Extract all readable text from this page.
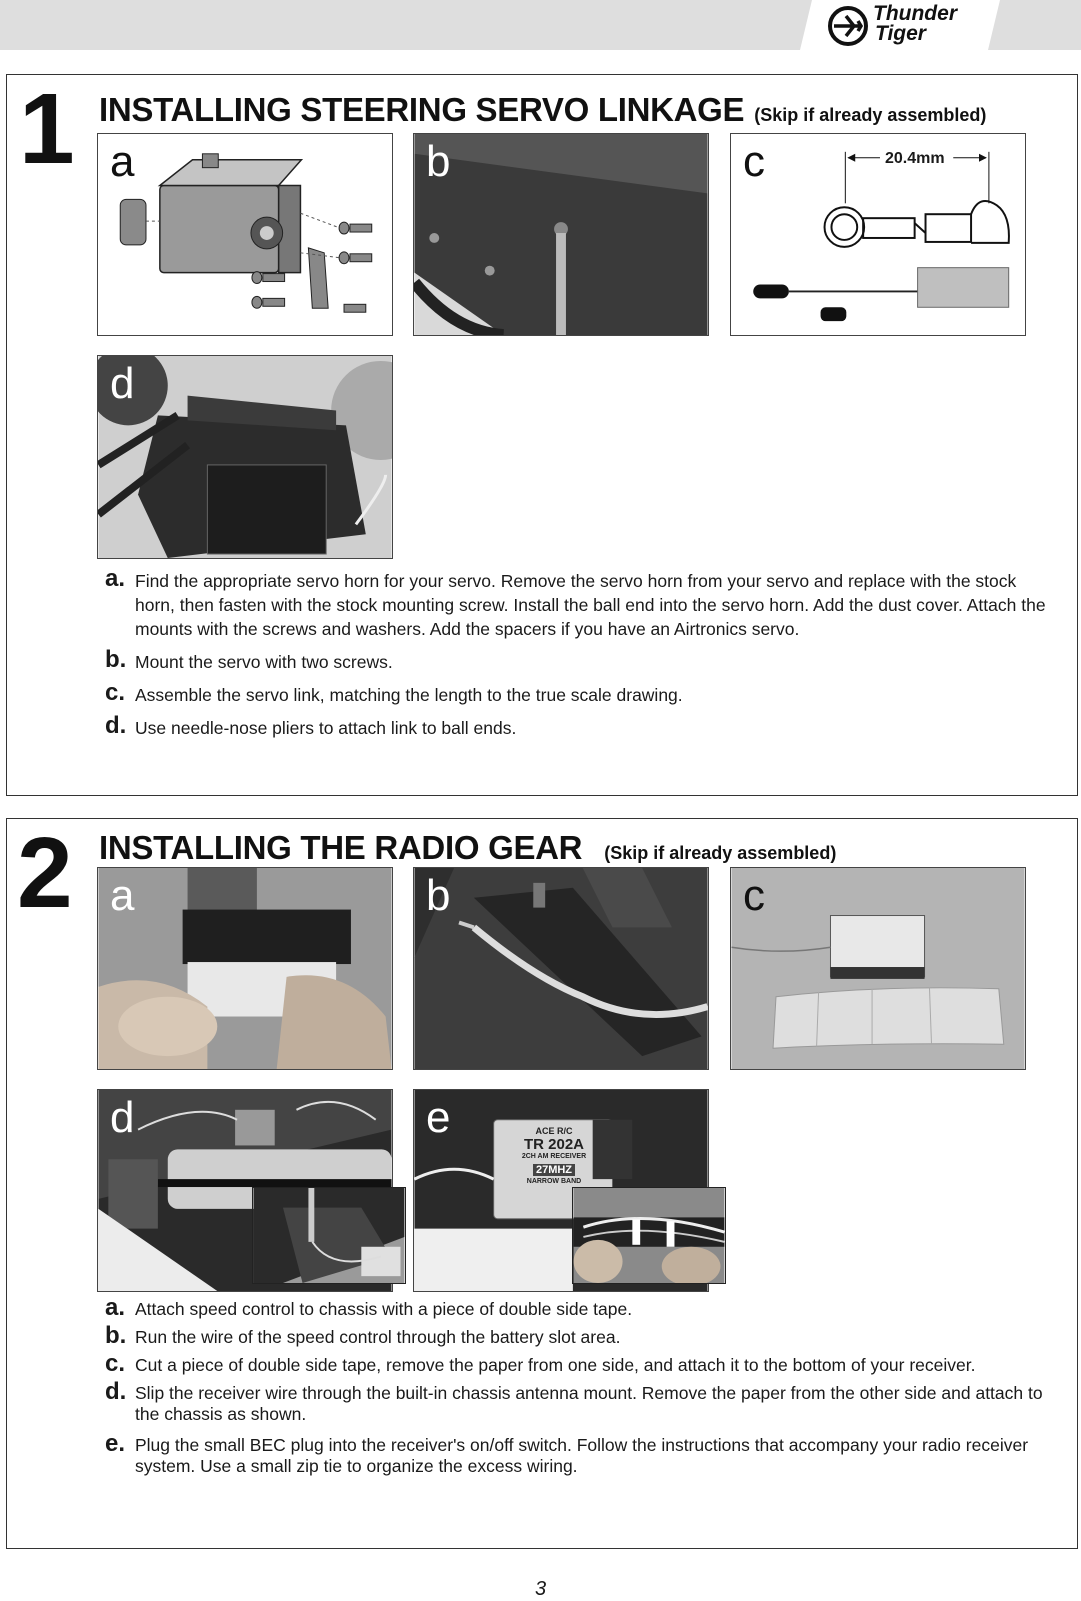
Thunder
Tiger
1 INSTALLING STEERING SERVO LINKAGE (Skip if already assembled)
a	b	c	20.4mm
d
a. Find the appropriate servo horn for your servo. Remove the servo horn from your servo and replace with the stock horn, then fasten with the stock mounting screw. Install the ball end into the servo horn. Add the dust cover. Attach the mounts with the screws and washers. Add the spacers if you have an Airtronics servo.
b. Mount the servo with two screws.
c. Assemble the servo link, matching the length to the true scale drawing.
d. Use needle-nose pliers to attach link to ball ends.
2 INSTALLING THE RADIO GEAR (Skip if already assembled)
a	b	c
d	e	ACE R/C
TR 202A
2CH AM RECEIVER
27MHZ
NARROW BAND
a. Attach speed control to chassis with a piece of double side tape.
b. Run the wire of the speed control through the battery slot area.
c. Cut a piece of double side tape, remove the paper from one side, and attach it to the bottom of your receiver.
d. Slip the receiver wire through the built-in chassis antenna mount. Remove the paper from the other side and attach to the chassis as shown.
e. Plug the small BEC plug into the receiver's on/off switch. Follow the instructions that accompany your radio receiver system. Use a small zip tie to organize the excess wiring.
3
